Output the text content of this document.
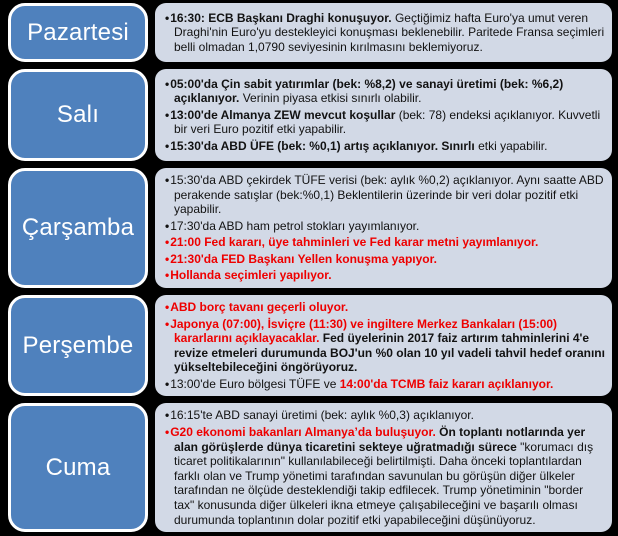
Pazartesi

•16:30: ECB Başkanı Draghi konuşuyor. Geçtiğimiz hafta Euro'ya umut veren Draghi'nin Euro'yu destekleyici konuşması beklenebilir. Paritede Fransa seçimleri belli olmadan 1,0790 seviyesinin kırılmasını beklemiyoruz.

Salı

•05:00'da Çin sabit yatırımlar (bek: %8,2) ve sanayi üretimi (bek: %6,2) açıklanıyor. Verinin piyasa etkisi sınırlı olabilir.

•13:00'de Almanya ZEW mevcut koşullar (bek: 78) endeksi açıklanıyor. Kuvvetli bir veri Euro pozitif etki yapabilir.

•15:30'da ABD ÜFE (bek: %0,1) artış açıklanıyor. Sınırlı etki yapabilir.

Çarşamba

•15:30'da ABD çekirdek TÜFE verisi (bek: aylık %0,2) açıklanıyor. Aynı saatte ABD perakende satışlar (bek:%0,1) Beklentilerin üzerinde bir veri dolar pozitif etki yapabilir.

•17:30'da ABD ham petrol stokları yayımlanıyor.

•21:00 Fed kararı, üye tahminleri ve Fed karar metni yayımlanıyor.

•21:30'da FED Başkanı Yellen konuşma yapıyor.

•Hollanda seçimleri yapılıyor.

Perşembe

•ABD borç tavanı geçerli oluyor.

•Japonya (07:00), İsviçre (11:30) ve ingiltere Merkez Bankaları (15:00) kararlarını açıklayacaklar. Fed üyelerinin 2017 faiz artırım tahminlerini 4'e revize etmeleri durumunda BOJ'un %0 olan 10 yıl vadeli tahvil hedef oranını yükseltebileceğini öngörüyoruz.

•13:00'de Euro bölgesi TÜFE ve 14:00'da TCMB faiz kararı açıklanıyor.

Cuma

•16:15'te ABD sanayi üretimi (bek: aylık %0,3) açıklanıyor.

•G20 ekonomi bakanları Almanya’da buluşuyor. Ön toplantı notlarında yer alan görüşlerde dünya ticaretini sekteye uğratmadığı sürece "korumacı dış ticaret politikalarının" kullanılabileceği belirtilmişti. Daha önceki toplantılardan farklı olan ve Trump yönetimi tarafından savunulan bu görüşün diğer ülkeler tarafından ne ölçüde desteklendiği takip edfilecek. Trump yönetiminin "border tax" konusunda diğer ülkeleri ikna etmeye çalışabileceğini ve başarılı olması durumunda toplantının dolar pozitif etki yapabileceğini düşünüyoruz.
